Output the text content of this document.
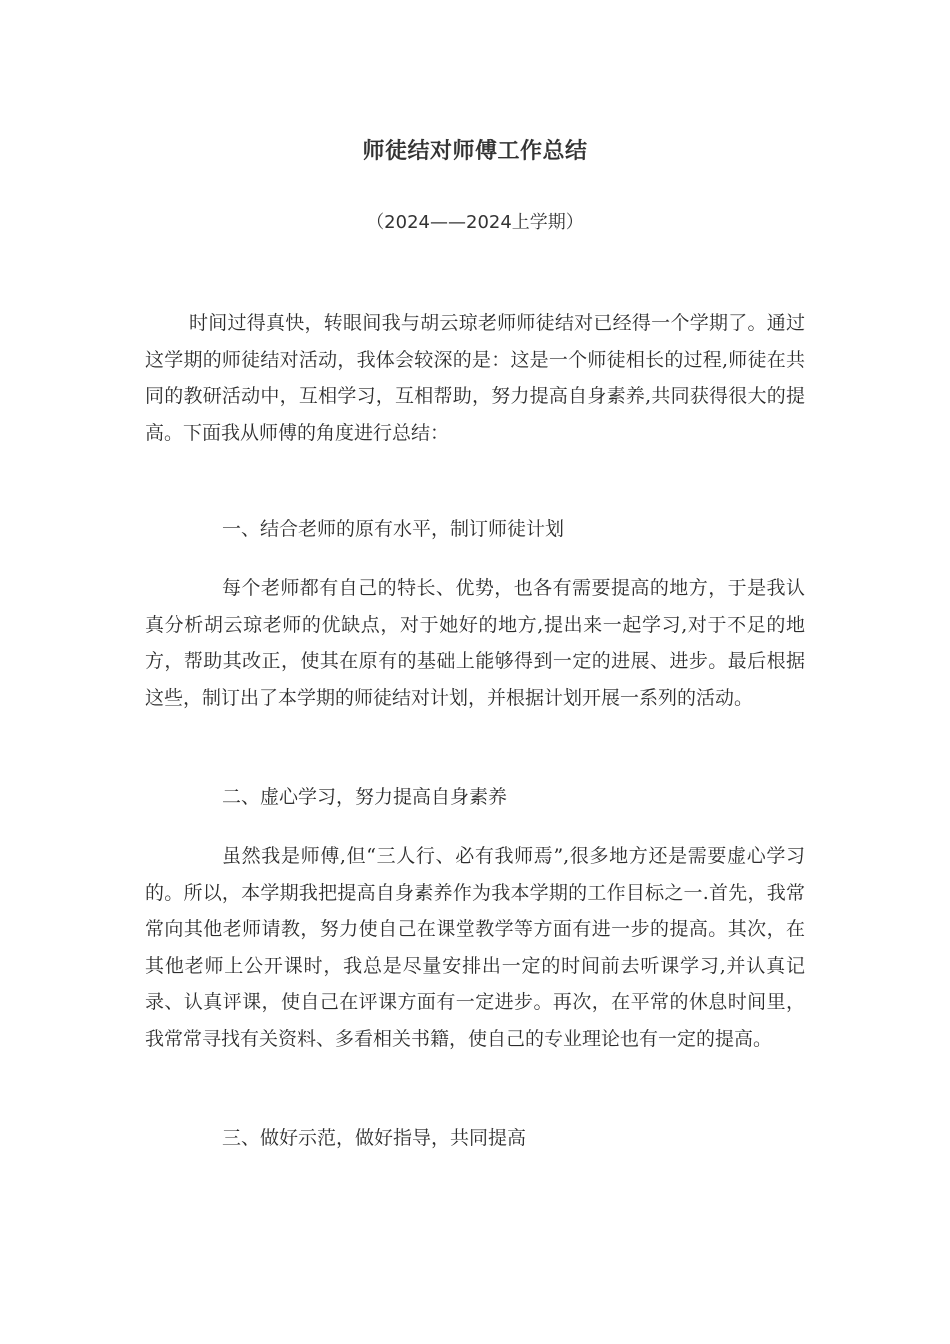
师徒结对师傅工作总结
（2024——2024上学期）

时间过得真快，转眼间我与胡云琼老师师徒结对已经得一个学期了。通过这学期的师徒结对活动，我体会较深的是：这是一个师徒相长的过程,师徒在共同的教研活动中，互相学习，互相帮助，努力提高自身素养,共同获得很大的提高。下面我从师傅的角度进行总结：

一、结合老师的原有水平，制订师徒计划

每个老师都有自己的特长、优势，也各有需要提高的地方，于是我认真分析胡云琼老师的优缺点，对于她好的地方,提出来一起学习,对于不足的地方，帮助其改正，使其在原有的基础上能够得到一定的进展、进步。最后根据这些，制订出了本学期的师徒结对计划，并根据计划开展一系列的活动。

二、虚心学习，努力提高自身素养

虽然我是师傅,但“三人行、必有我师焉”,很多地方还是需要虚心学习的。所以，本学期我把提高自身素养作为我本学期的工作目标之一.首先，我常常向其他老师请教，努力使自己在课堂教学等方面有进一步的提高。其次，在其他老师上公开课时，我总是尽量安排出一定的时间前去听课学习,并认真记录、认真评课，使自己在评课方面有一定进步。再次，在平常的休息时间里，我常常寻找有关资料、多看相关书籍，使自己的专业理论也有一定的提高。

三、做好示范，做好指导，共同提高
